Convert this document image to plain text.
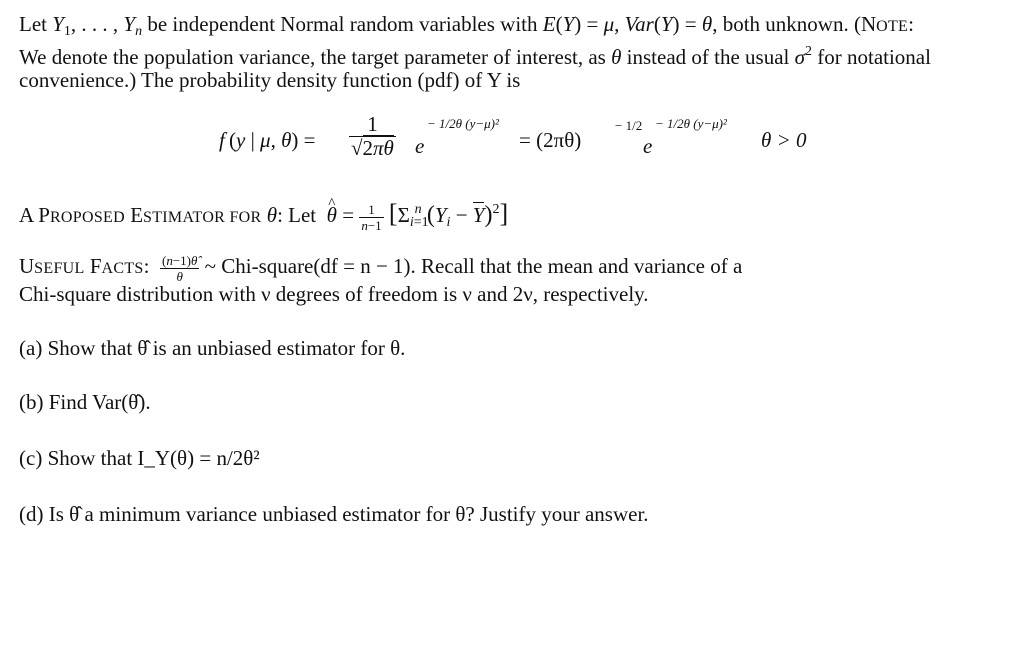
Let $Y_1$, . . . , $Y_n$ be independent Normal random variables with E(Y) = μ, Var(Y) = θ, both unknown. (NOTE:
We denote the population variance, the target parameter of interest, as θ instead of the usual $\sigma^2$ for notational
convenience.) The probability density function (pdf) of Y is
f (y | μ, $\theta) = \frac{1}{√2\pi\theta}$ e
− 1/2θ (y−μ)²
= (2πθ)
− 1/2
e
− 1/2θ (y−μ)²
θ > 0
A PROPOSED ESTIMATOR FOR θ: Let  ^ $\theta = \frac{1}{n-1} [\Sigma_{i=1}^n$ $(Y_i - Y)^2$]
USEFUL FACTS: $\frac{(n-1)\thetâ}{\theta}$ ~ Chi-square(df = n − 1). Recall that the mean and variance of a
Chi-square distribution with ν degrees of freedom is ν and 2ν, respectively.
(a) Show that θ̂ is an unbiased estimator for θ.
(b) Find Var(θ̂).
(c) Show that I_Y(θ) = n/2θ²
(d) Is θ̂ a minimum variance unbiased estimator for θ? Justify your answer.
